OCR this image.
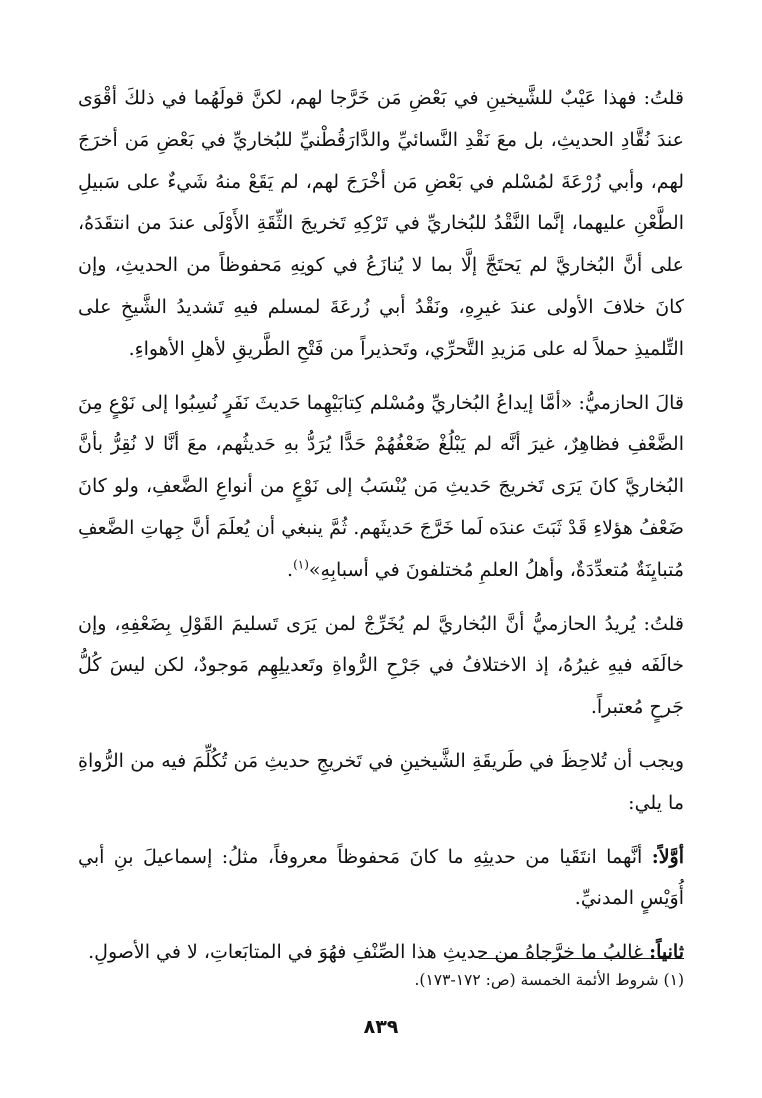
قلتُ: فهذا عَيْبٌ للشَّيخينِ في بَعْضِ مَن خَرَّجا لهم، لكنَّ قولَهُما في ذلكَ أقْوَى عندَ نُقَّادِ الحديثِ، بل معَ نَقْدِ النَّسائيِّ والدَّارَقُطْنيِّ للبُخاريِّ في بَعْضِ مَن أخرَجَ لهم، وأبي زُرْعَةَ لمُسْلم في بَعْضِ مَن أخْرَجَ لهم، لم يَقَعْ منهُ شَيءٌ على سَبيلِ الطَّعْنِ عليهما، إنَّما النَّقْدُ للبُخاريِّ في تَرْكِهِ تَخريجَ الثِّقَةِ الأَوْلَى عندَ من انتقَدَهُ، على أنَّ البُخاريَّ لم يَحتَجَّ إلَّا بما لا يُنازَعُ في كونِهِ مَحفوظاً من الحديثِ، وإن كانَ خلافَ الأولى عندَ غيرِهِ، ونَقْدُ أبي زُرعَةَ لمسلم فيهِ تَشديدُ الشَّيخِ على التِّلميذِ حملاً له على مَزيدِ التَّحرِّي، وتَحذيراً من فَتْحِ الطَّريقِ لأهلِ الأهواءِ.

قالَ الحازميُّ: «أمَّا إيداعُ البُخاريِّ ومُسْلم كِتابَيْهِما حَديثَ نَفَرٍ نُسِبُوا إلى نَوْعٍ مِنَ الضَّعْفِ فظاهِرٌ، غيرَ أنَّه لم يَبْلُغْ ضَعْفُهُمْ حَدًّا يُرَدُّ بهِ حَديثُهم، معَ أنَّا لا نُقِرُّ بأنَّ البُخاريَّ كانَ يَرَى تَخريجَ حَديثِ مَن يُنْسَبُ إلى نَوْعٍ من أنواعِ الضَّعفِ، ولو كانَ ضَعْفُ هؤلاءِ قَدْ ثَبَتَ عندَه لَما خَرَّجَ حَديثَهم. ثُمَّ ينبغي أن يُعلَمَ أنَّ جِهاتِ الضَّعفِ مُتبايِنَةٌ مُتعدِّدَةٌ، وأهلُ العلمِ مُختلفونَ في أسبابِهِ»$^{(١)}$.

قلتُ: يُريدُ الحازميُّ أنَّ البُخاريَّ لم يُخَرِّجْ لمن يَرَى تَسليمَ القَوْلِ بِضَعْفِهِ، وإن خالَفَه فيهِ غيرُهُ، إذ الاختلافُ في جَرْحِ الرُّواةِ وتَعديلِهِم مَوجودٌ، لكن ليسَ كُلُّ جَرحٍ مُعتبراً.

ويجب أن تُلاحِظَ في طَريقَةِ الشَّيخينِ في تَخريجِ حديثِ مَن تُكُلِّمَ فيه من الرُّواةِ ما يلي:

أوَّلاً: أنَّهما انتَقَيا من حديثِهِ ما كانَ مَحفوظاً معروفاً، مثلُ: إسماعيلَ بنِ أبي أُوَيْسٍ المدنيِّ.

ثانياً: غالبُ ما خرَّجاهُ من حديثِ هذا الصِّنْفِ فهُوَ في المتابَعاتِ، لا في الأصولِ.

(١) شروط الأئمة الخمسة (ص: ١٧٢-١٧٣).
٨٣٩
